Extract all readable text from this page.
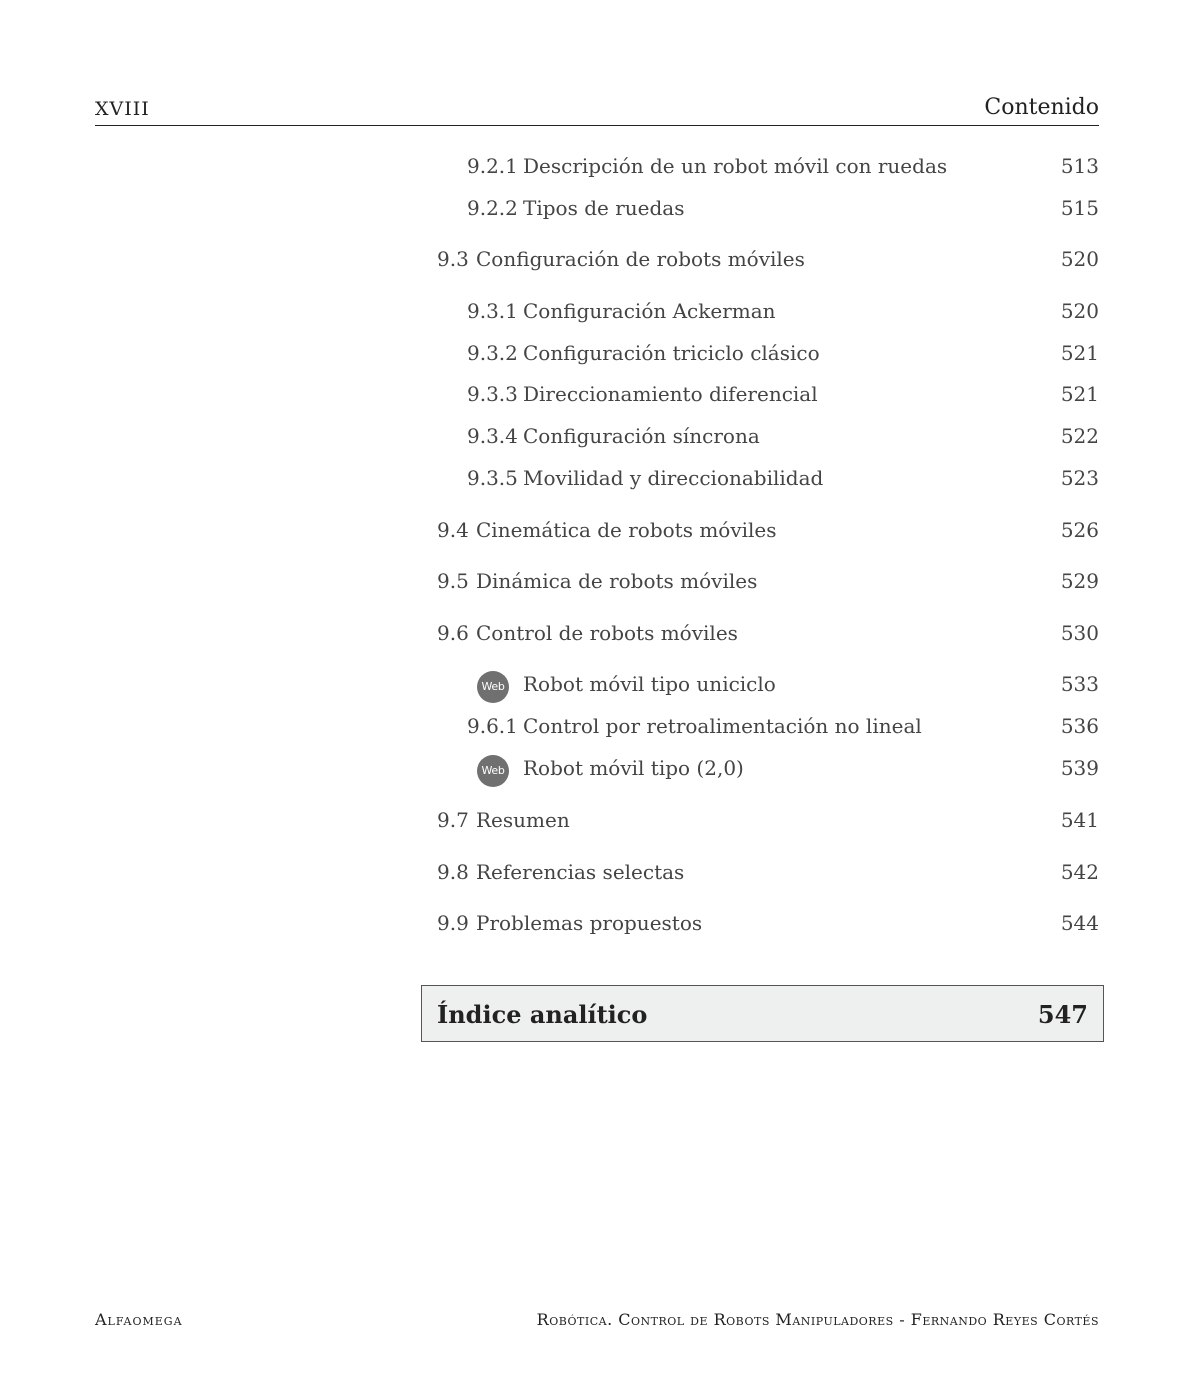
XVIII	Contenido
9.2.1 Descripción de un robot móvil con ruedas	513
9.2.2 Tipos de ruedas	515
9.3 Configuración de robots móviles	520
9.3.1 Configuración Ackerman	520
9.3.2 Configuración triciclo clásico	521
9.3.3 Direccionamiento diferencial	521
9.3.4 Configuración síncrona	522
9.3.5 Movilidad y direccionabilidad	523
9.4 Cinemática de robots móviles	526
9.5 Dinámica de robots móviles	529
9.6 Control de robots móviles	530
Web Robot móvil tipo uniciclo	533
9.6.1 Control por retroalimentación no lineal	536
Web Robot móvil tipo (2,0)	539
9.7 Resumen	541
9.8 Referencias selectas	542
9.9 Problemas propuestos	544
Índice analítico	547
Alfaomega	Robótica. Control de Robots Manipuladores - Fernando Reyes Cortés
